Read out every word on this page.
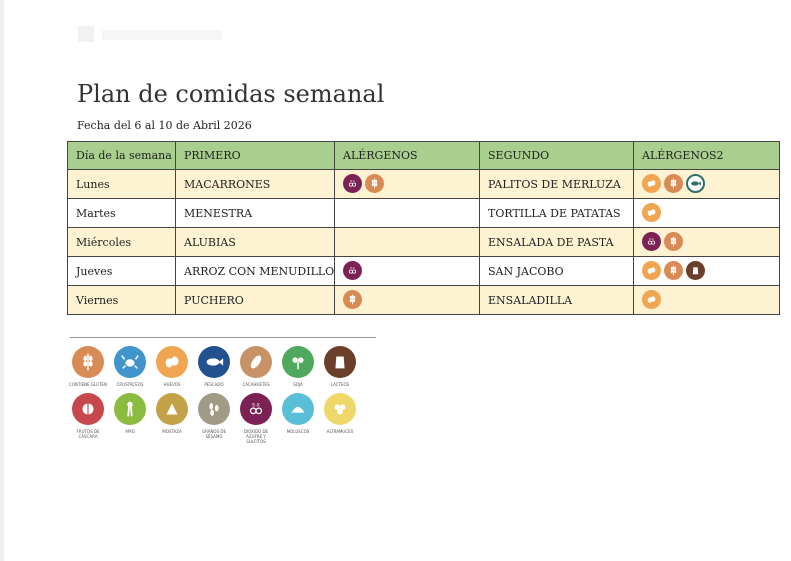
Plan de comidas semanal
Fecha del 6 al 10 de Abril 2026
Día de la semana	PRIMERO	ALÉRGENOS	SEGUNDO	ALÉRGENOS2
Lunes	MACARRONES	E-X	PALITOS DE MERLUZA	

Martes	MENESTRA		TORTILLA DE PATATAS	

Miércoles	ALUBIAS		ENSALADA DE PASTA	E-X

Jueves	ARROZ CON MENUDILLO	E-X	SAN JACOBO	

Viernes	PUCHERO		ENSALADILLA	
CONTIENE GLUTEN	CRUSTÁCEOS	HUEVOS	PESCADO	CACAHUETES	SOJA	LÁCTEOS
FRUTOS DE CÁSCARA
APIO	MOSTAZA	GRANOS DE SÉSAMO
E-X
DIÓXIDO DE AZUFRE Y SULFITOS
MOLUSCOS	ALTRAMUCES
